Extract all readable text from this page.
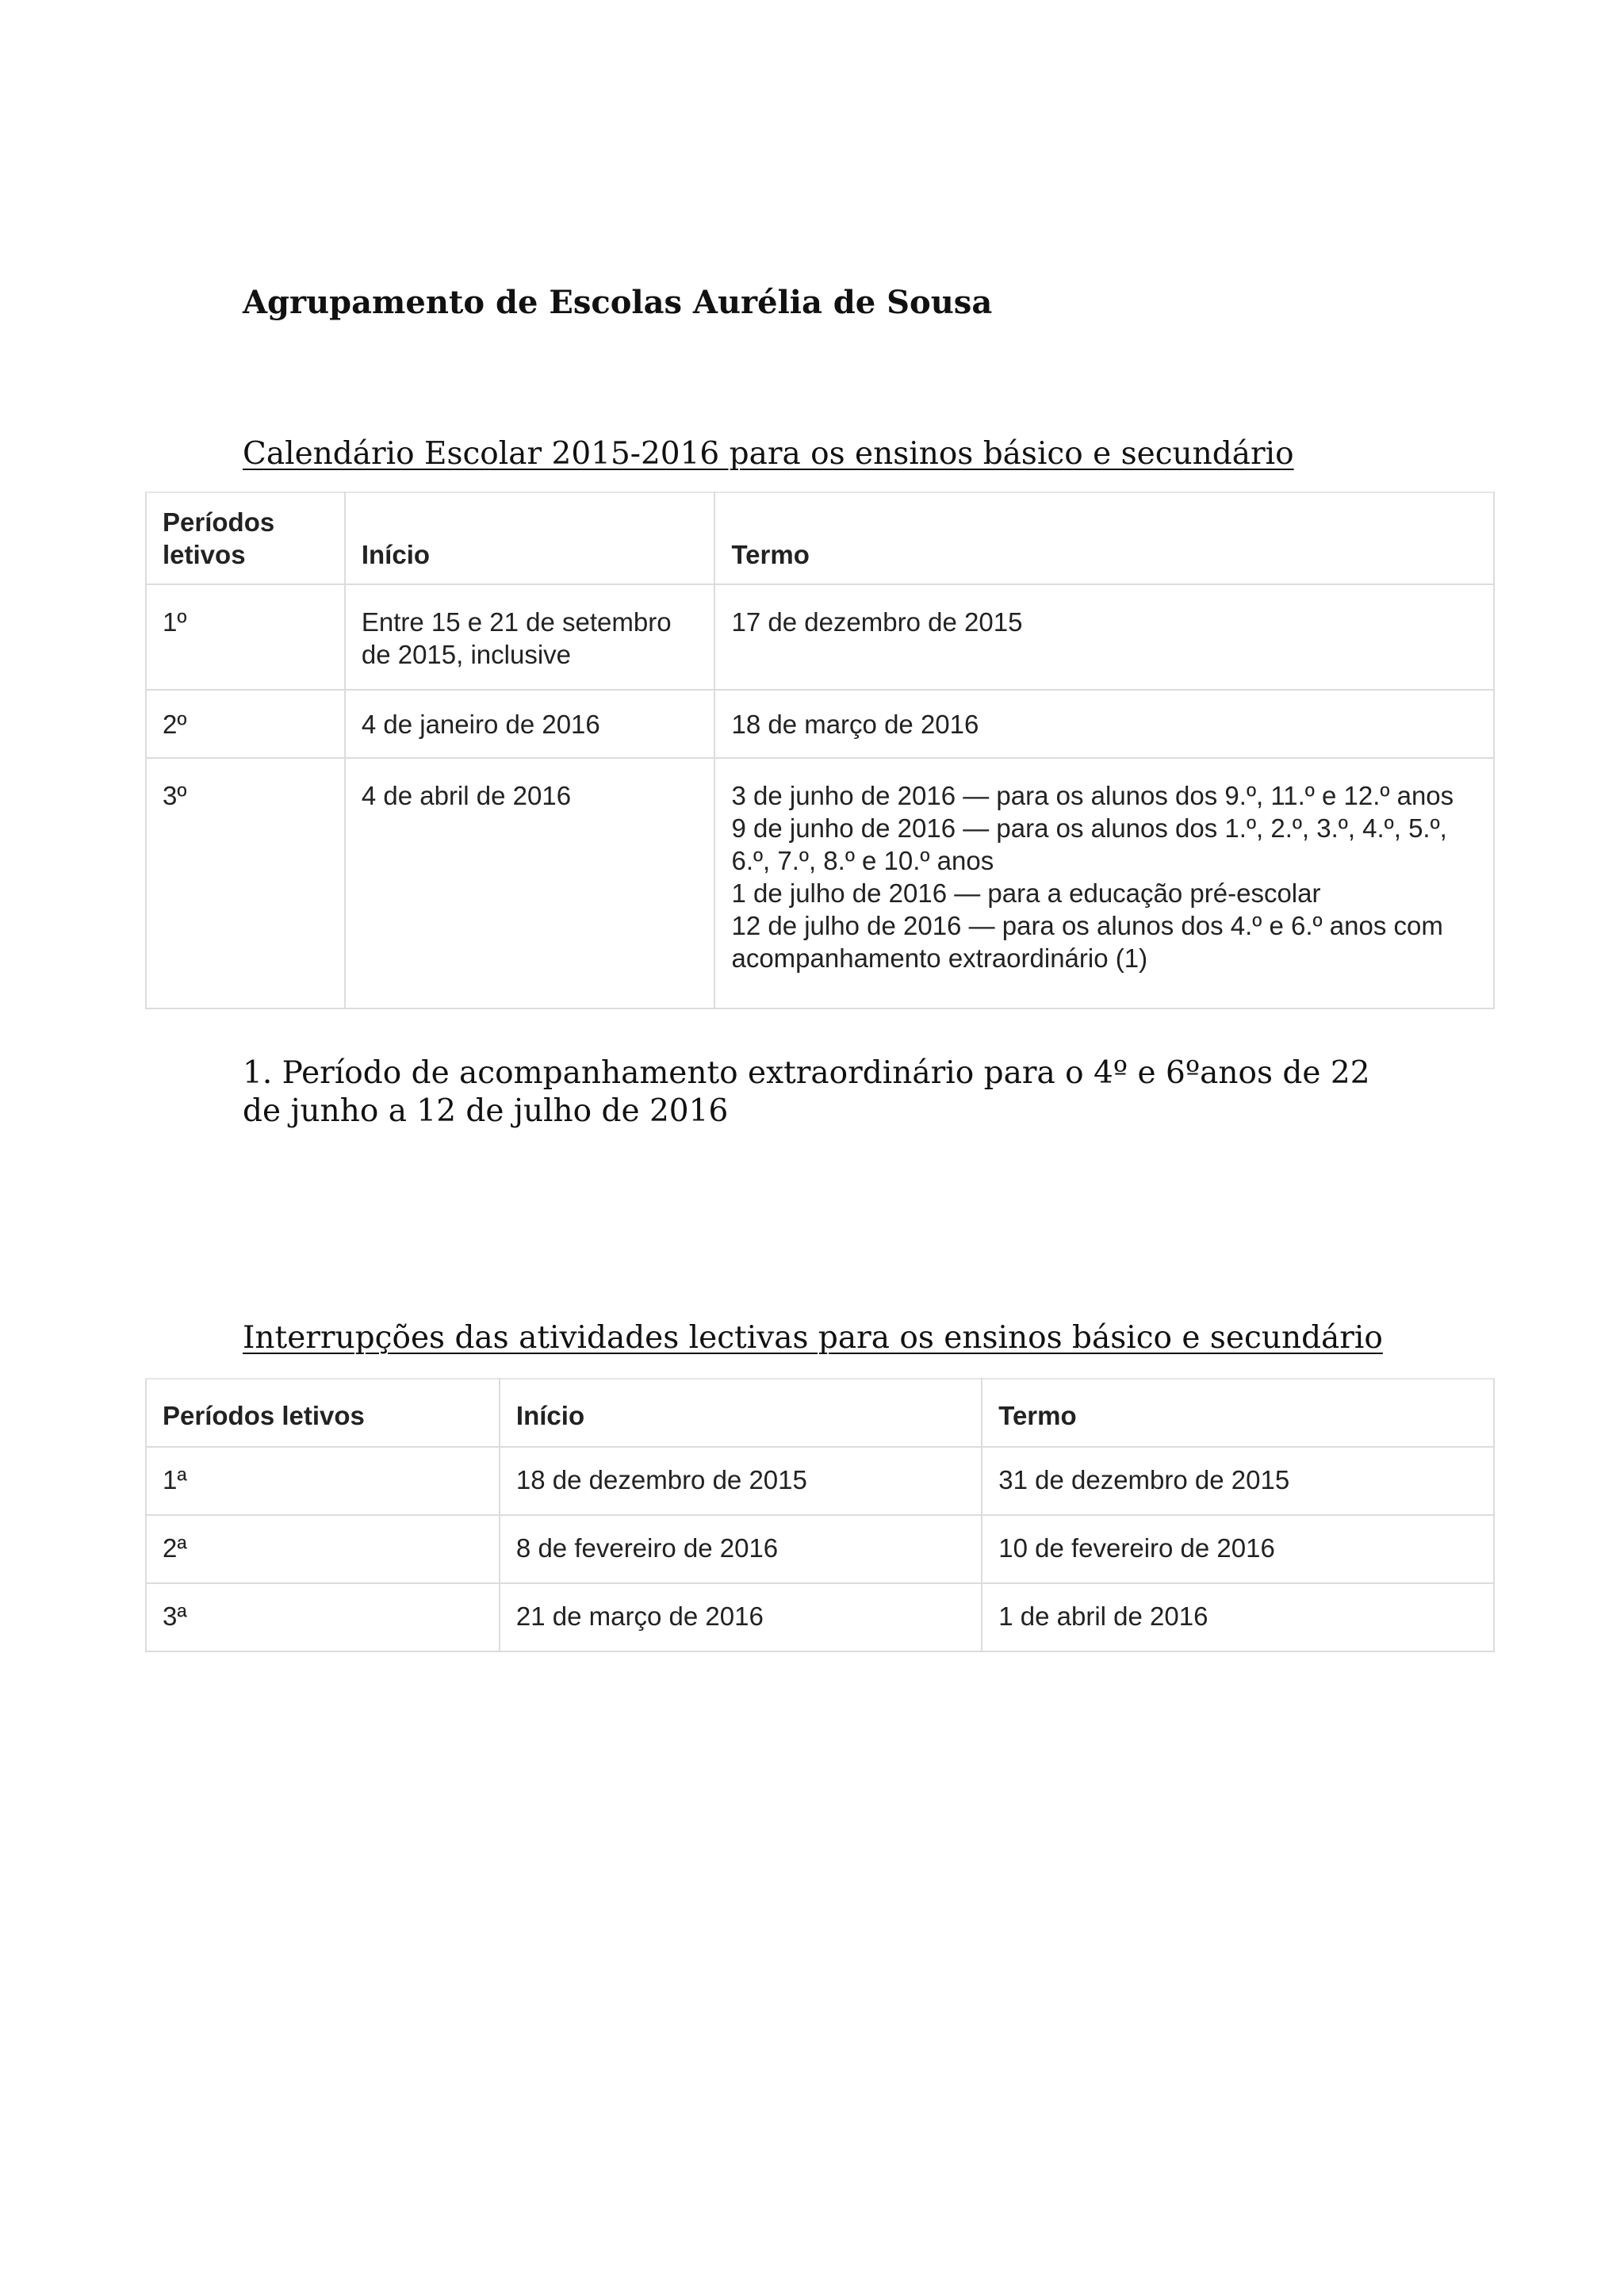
Agrupamento de Escolas Aurélia de Sousa
Calendário Escolar 2015-2016 para os ensinos básico e secundário
Períodos letivos	Início	Termo
1º	Entre 15 e 21 de setembro de 2015, inclusive	17 de dezembro de 2015

2º	4 de janeiro de 2016	18 de março de 2016

3º	4 de abril de 2016	3 de junho de 2016 — para os alunos dos 9.º, 11.º e 12.º anos
9 de junho de 2016 — para os alunos dos 1.º, 2.º, 3.º, 4.º, 5.º, 6.º, 7.º, 8.º e 10.º anos
1 de julho de 2016 — para a educação pré-escolar
12 de julho de 2016 — para os alunos dos 4.º e 6.º anos com acompanhamento extraordinário (1)
1. Período de acompanhamento extraordinário para o 4º e 6ºanos de 22 de junho a 12 de julho de 2016
Interrupções das atividades lectivas para os ensinos básico e secundário
Períodos letivos	Início	Termo
1ª	18 de dezembro de 2015	31 de dezembro de 2015
2ª	8 de fevereiro de 2016	10 de fevereiro de 2016
3ª	21 de março de 2016	1 de abril de 2016
